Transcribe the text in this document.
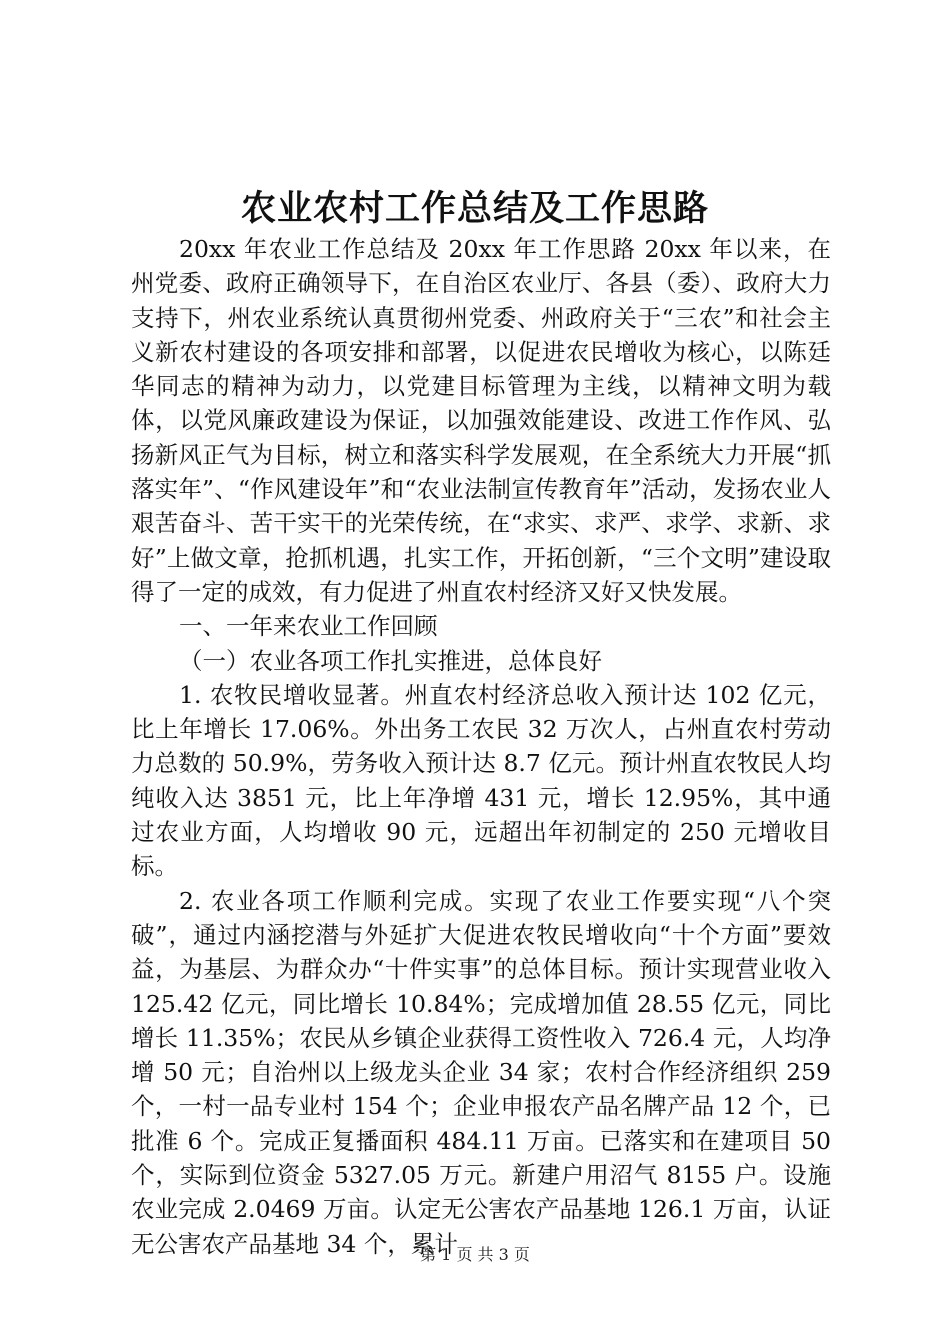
农业农村工作总结及工作思路

20xx 年农业工作总结及 20xx 年工作思路 20xx 年以来，在州党委、政府正确领导下，在自治区农业厅、各县（委）、政府大力支持下，州农业系统认真贯彻州党委、州政府关于“三农”和社会主义新农村建设的各项安排和部署，以促进农民增收为核心，以陈廷华同志的精神为动力，以党建目标管理为主线，以精神文明为载体，以党风廉政建设为保证，以加强效能建设、改进工作作风、弘扬新风正气为目标，树立和落实科学发展观，在全系统大力开展“抓落实年”、“作风建设年”和“农业法制宣传教育年”活动，发扬农业人艰苦奋斗、苦干实干的光荣传统，在“求实、求严、求学、求新、求好”上做文章，抢抓机遇，扎实工作，开拓创新，“三个文明”建设取得了一定的成效，有力促进了州直农村经济又好又快发展。

一、一年来农业工作回顾

（一）农业各项工作扎实推进，总体良好

1. 农牧民增收显著。州直农村经济总收入预计达 102 亿元，比上年增长 17.06%。外出务工农民 32 万次人，占州直农村劳动力总数的 50.9%，劳务收入预计达 8.7 亿元。预计州直农牧民人均纯收入达 3851 元，比上年净增 431 元，增长 12.95%，其中通过农业方面，人均增收 90 元，远超出年初制定的 250 元增收目标。

2. 农业各项工作顺利完成。实现了农业工作要实现“八个突破”，通过内涵挖潜与外延扩大促进农牧民增收向“十个方面”要效益，为基层、为群众办“十件实事”的总体目标。预计实现营业收入 125.42 亿元，同比增长 10.84%；完成增加值 28.55 亿元，同比增长 11.35%；农民从乡镇企业获得工资性收入 726.4 元，人均净增 50 元；自治州以上级龙头企业 34 家；农村合作经济组织 259 个，一村一品专业村 154 个；企业申报农产品名牌产品 12 个，已批准 6 个。完成正复播面积 484.11 万亩。已落实和在建项目 50 个，实际到位资金 5327.05 万元。新建户用沼气 8155 户。设施农业完成 2.0469 万亩。认定无公害农产品基地 126.1 万亩，认证无公害农产品基地 34 个，累计

第 1 页 共 3 页
